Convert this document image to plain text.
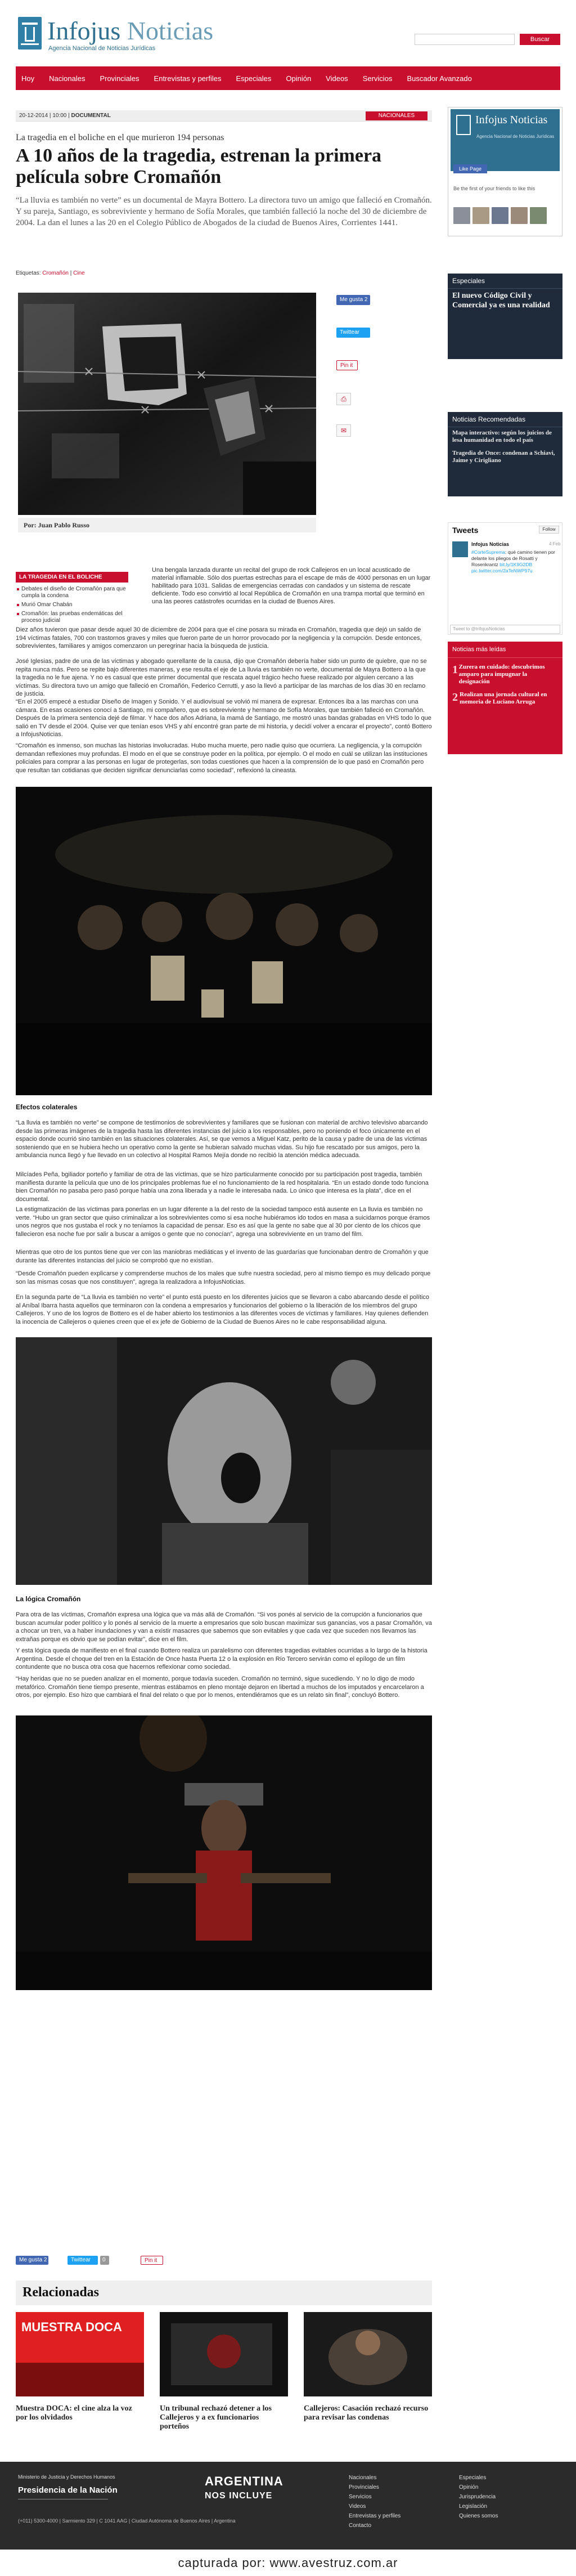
Infojus Noticias
Agencia Nacional de Noticias Jurídicas
Buscar
Hoy Nacionales Provinciales Entrevistas y perfiles Especiales Opinión Videos Servicios Buscador Avanzado
20-12-2014 | 10:00 | DOCUMENTAL	NACIONALES
La tragedia en el boliche en el que murieron 194 personas
A 10 años de la tragedia, estrenan la primera película sobre Cromañón

“La lluvia es también no verte” es un documental de Mayra Bottero. La directora tuvo un amigo que falleció en Cromañón. Y su pareja, Santiago, es sobreviviente y hermano de Sofía Morales, que también falleció la noche del 30 de diciembre de 2004. La dan el lunes a las 20 en el Colegio Público de Abogados de la ciudad de Buenos Aires, Corrientes 1441.

Etiquetas: Cromañón | Cine
Por: Juan Pablo Russo
Me gusta 2
Twittear
Pin it
⎙
✉
LA TRAGEDIA EN EL BOLICHE
Debates el diseño de Cromañón para que cumpla la condena
Murió Omar Chabán
Cromañón: las pruebas endemáticas del proceso judicial

Una bengala lanzada durante un recital del grupo de rock Callejeros en un local acusticado de material inflamable. Sólo dos puertas estrechas para el escape de más de 4000 personas en un lugar habilitado para 1031. Salidas de emergencias cerradas con candados y un sistema de rescate deficiente. Todo eso convirtió al local República de Cromañón en una trampa mortal que terminó en una las peores catástrofes ocurridas en la ciudad de Buenos Aires.

Diez años tuvieron que pasar desde aquel 30 de diciembre de 2004 para que el cine posara su mirada en Cromañón, tragedia que dejó un saldo de 194 víctimas fatales, 700 con trastornos graves y miles que fueron parte de un horror provocado por la negligencia y la corrupción. Desde entonces, sobrevivientes, familiares y amigos comenzaron un peregrinar hacia la búsqueda de justicia.

José Iglesias, padre de una de las víctimas y abogado querellante de la causa, dijo que Cromañón debería haber sido un punto de quiebre, que no se repita nunca más. Pero se repite bajo diferentes maneras, y ese resulta el eje de La lluvia es también no verte, documental de Mayra Bottero a la que la tragedia no le fue ajena. Y no es casual que este primer documental que rescata aquel trágico hecho fuese realizado por alguien cercano a las víctimas. Su directora tuvo un amigo que falleció en Cromañón, Federico Cerrutti, y aso la llevó a participar de las marchas de los días 30 en reclamo de justicia.

“En el 2005 empecé a estudiar Diseño de Imagen y Sonido. Y el audiovisual se volvió mi manera de expresar. Entonces iba a las marchas con una cámara. En esas ocasiones conocí a Santiago, mi compañero, que es sobreviviente y hermano de Sofía Morales, que también falleció en Cromañón. Después de la primera sentencia dejé de filmar. Y hace dos años Adriana, la mamá de Santiago, me mostró unas bandas grabadas en VHS todo lo que salió en TV desde el 2004. Quise ver que tenían esos VHS y ahí encontré gran parte de mi historia, y decidí volver a encarar el proyecto”, contó Bottero a InfojusNoticias.

“Cromañón es inmenso, son muchas las historias involucradas. Hubo mucha muerte, pero nadie quiso que ocurriera. La negligencia, y la corrupción demandan reflexiones muy profundas. El modo en el que se construye poder en la política, por ejemplo. O el modo en cuál se utilizan las instituciones policiales para comprar a las personas en lugar de protegerlas, son todas cuestiones que hacen a la comprensión de lo que pasó en Cromañón pero que resultan tan cotidianas que deciden significar denunciarlas como sociedad”, reflexionó la cineasta.

Efectos colaterales

“La lluvia es también no verte” se compone de testimonios de sobrevivientes y familiares que se fusionan con material de archivo televisivo abarcando desde las primeras imágenes de la tragedia hasta las diferentes instancias del juicio a los responsables, pero no poniendo el foco únicamente en el espacio donde ocurrió sino también en las situaciones colaterales. Así, se que vemos a Miguel Katz, perito de la causa y padre de una de las víctimas sosteniendo que en se hubiera hecho un operativo como la gente se hubieran salvado muchas vidas. Su hijo fue rescatado por sus amigos, pero la ambulancia nunca llegó y fue llevado en un colectivo al Hospital Ramos Mejía donde no recibió la atención médica adecuada.

Milcíades Peña, bgiliador porteño y familiar de otra de las víctimas, que se hizo particularmente conocido por su participación post tragedia, también manifiesta durante la película que uno de los principales problemas fue el no funcionamiento de la red hospitalaria. “En un estado donde todo funciona bien Cromañón no pasaba pero pasó porque había una zona liberada y a nadie le interesaba nada. Lo único que interesa es la plata”, dice en el documental.

La estigmatización de las víctimas para ponerlas en un lugar diferente a la del resto de la sociedad tampoco está ausente en La lluvia es también no verte. “Hubo un gran sector que quiso criminalizar a los sobrevivientes como si esa noche hubiéramos ido todos en masa a suicidarnos porque éramos unos negros que nos gustaba el rock y no teníamos la capacidad de pensar. Eso es así que la gente no sabe que al 30 por ciento de los chicos que fallecieron esa noche fue por salir a buscar a amigos o gente que no conocían”, agrega una sobreviviente en un tramo del film.

Mientras que otro de los puntos tiene que ver con las maniobras mediáticas y el invento de las guardarías que funcionaban dentro de Cromañón y que durante las diferentes instancias del juicio se comprobó que no existían.

“Desde Cromañón pueden explicarse y comprenderse muchos de los males que sufre nuestra sociedad, pero al mismo tiempo es muy delicado porque son las mismas cosas que nos constituyen”, agrega la realizadora a InfojusNoticias.

En la segunda parte de “La lluvia es también no verte” el punto está puesto en los diferentes juicios que se llevaron a cabo abarcando desde el político al Aníbal Ibarra hasta aquellos que terminaron con la condena a empresarios y funcionarios del gobierno o la liberación de los miembros del grupo Callejeros. Y uno de los logros de Bottero es el de haber abierto los testimonios a las diferentes voces de víctimas y familiares. Hay quienes defienden la inocencia de Callejeros o quienes creen que el ex jefe de Gobierno de la Ciudad de Buenos Aires no le cabe responsabilidad alguna.

La lógica Cromañón

Para otra de las víctimas, Cromañón expresa una lógica que va más allá de Cromañón. “Si vos ponés al servicio de la corrupción a funcionarios que buscan acumular poder político y lo ponés al servicio de la muerte a empresarios que solo buscan maximizar sus ganancias, vos a pasar Cromañón, va a chocar un tren, va a haber inundaciones y van a existir masacres que sabemos que son evitables y que cada vez que suceden nos llevamos las extrañas porque es obvio que se podían evitar”, dice en el film.

Y esta lógica queda de manifiesto en el final cuando Bottero realiza un paralelismo con diferentes tragedias evitables ocurridas a lo largo de la historia Argentina. Desde el choque del tren en la Estación de Once hasta Puerta 12 o la explosión en Río Tercero servirán como el epílogo de un film contundente que no busca otra cosa que hacernos reflexionar como sociedad.

“Hay heridas que no se pueden analizar en el momento, porque todavía suceden. Cromañón no terminó, sigue sucediendo. Y no lo digo de modo metafórico. Cromañón tiene tiempo presente, mientras estábamos en pleno montaje dejaron en libertad a muchos de los imputados y encarcelaron a otros, por ejemplo. Eso hizo que cambiará el final del relato o que por lo menos, entendiéramos que es un relato sin final”, concluyó Bottero.

Me gusta 2	Twittear	0	Pin it
Relacionadas
MUESTRA DOCA
Muestra DOCA: el cine alza la voz por los olvidados
Un tribunal rechazó detener a los Callejeros y a ex funcionarios porteños
Callejeros: Casación rechazó recurso para revisar las condenas
Infojus Noticias
Agencia Nacional de Noticias Jurídicas
Like Page
Be the first of your friends to like this
Especiales
El nuevo Código Civil y Comercial ya es una realidad
Noticias Recomendadas
Mapa interactivo: según los juicios de lesa humanidad en todo el país
Tragedia de Once: condenan a Schiavi, Jaime y Cirigliano
Tweets	Follow
Infojus Noticias	4 Feb
#CorteSuprema: qué camino tienen por delante los pliegos de Rosatti y Rosenkrantz bit.ly/1K9G2DB pic.twitter.com/2aTeNWP97u
Tweet to @InfojusNoticias
Noticias más leídas
1 Zurera en cuidado: descubrimos amparo para impugnar la designación
2 Realizan una jornada cultural en memoria de Luciano Arruga
Ministerio de Justicia y Derechos Humanos
Presidencia de la Nación
ARGENTINA
NOS INCLUYE
Nacionales
Provinciales
Servicios
Videos
Entrevistas y perfiles
Contacto
Especiales
Opinión
Jurisprudencia
Legislación
Quienes somos
(+011) 5300-4000 | Sarmiento 329 | C 1041 AAG | Ciudad Autónoma de Buenos Aires | Argentina
capturada por: www.avestruz.com.ar
